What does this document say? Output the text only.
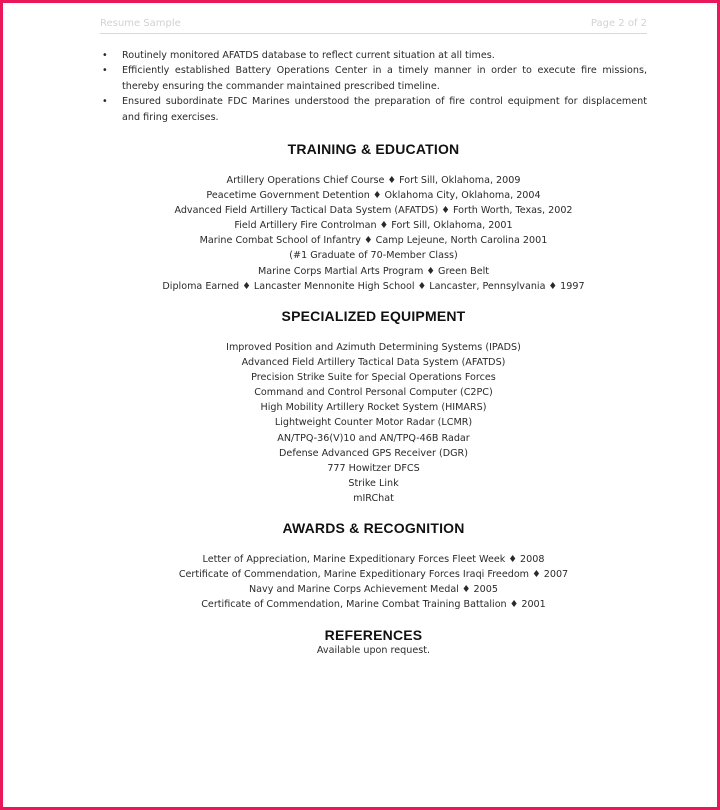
Resume Sample	Page 2 of 2
• Routinely monitored AFATDS database to reflect current situation at all times.
• Efficiently established Battery Operations Center in a timely manner in order to execute fire missions, thereby ensuring the commander maintained prescribed timeline.
• Ensured subordinate FDC Marines understood the preparation of fire control equipment for displacement and firing exercises.
TRAINING & EDUCATION
Artillery Operations Chief Course ♦ Fort Sill, Oklahoma, 2009
Peacetime Government Detention ♦ Oklahoma City, Oklahoma, 2004
Advanced Field Artillery Tactical Data System (AFATDS) ♦ Forth Worth, Texas, 2002
Field Artillery Fire Controlman ♦ Fort Sill, Oklahoma, 2001
Marine Combat School of Infantry ♦ Camp Lejeune, North Carolina 2001
(#1 Graduate of 70-Member Class)
Marine Corps Martial Arts Program ♦ Green Belt
Diploma Earned ♦ Lancaster Mennonite High School ♦ Lancaster, Pennsylvania ♦ 1997
SPECIALIZED EQUIPMENT
Improved Position and Azimuth Determining Systems (IPADS)
Advanced Field Artillery Tactical Data System (AFATDS)
Precision Strike Suite for Special Operations Forces
Command and Control Personal Computer (C2PC)
High Mobility Artillery Rocket System (HIMARS)
Lightweight Counter Motor Radar (LCMR)
AN/TPQ-36(V)10 and AN/TPQ-46B Radar
Defense Advanced GPS Receiver (DGR)
777 Howitzer DFCS
Strike Link
mIRChat
AWARDS & RECOGNITION
Letter of Appreciation, Marine Expeditionary Forces Fleet Week ♦ 2008
Certificate of Commendation, Marine Expeditionary Forces Iraqi Freedom ♦ 2007
Navy and Marine Corps Achievement Medal ♦ 2005
Certificate of Commendation, Marine Combat Training Battalion ♦ 2001
REFERENCES
Available upon request.
